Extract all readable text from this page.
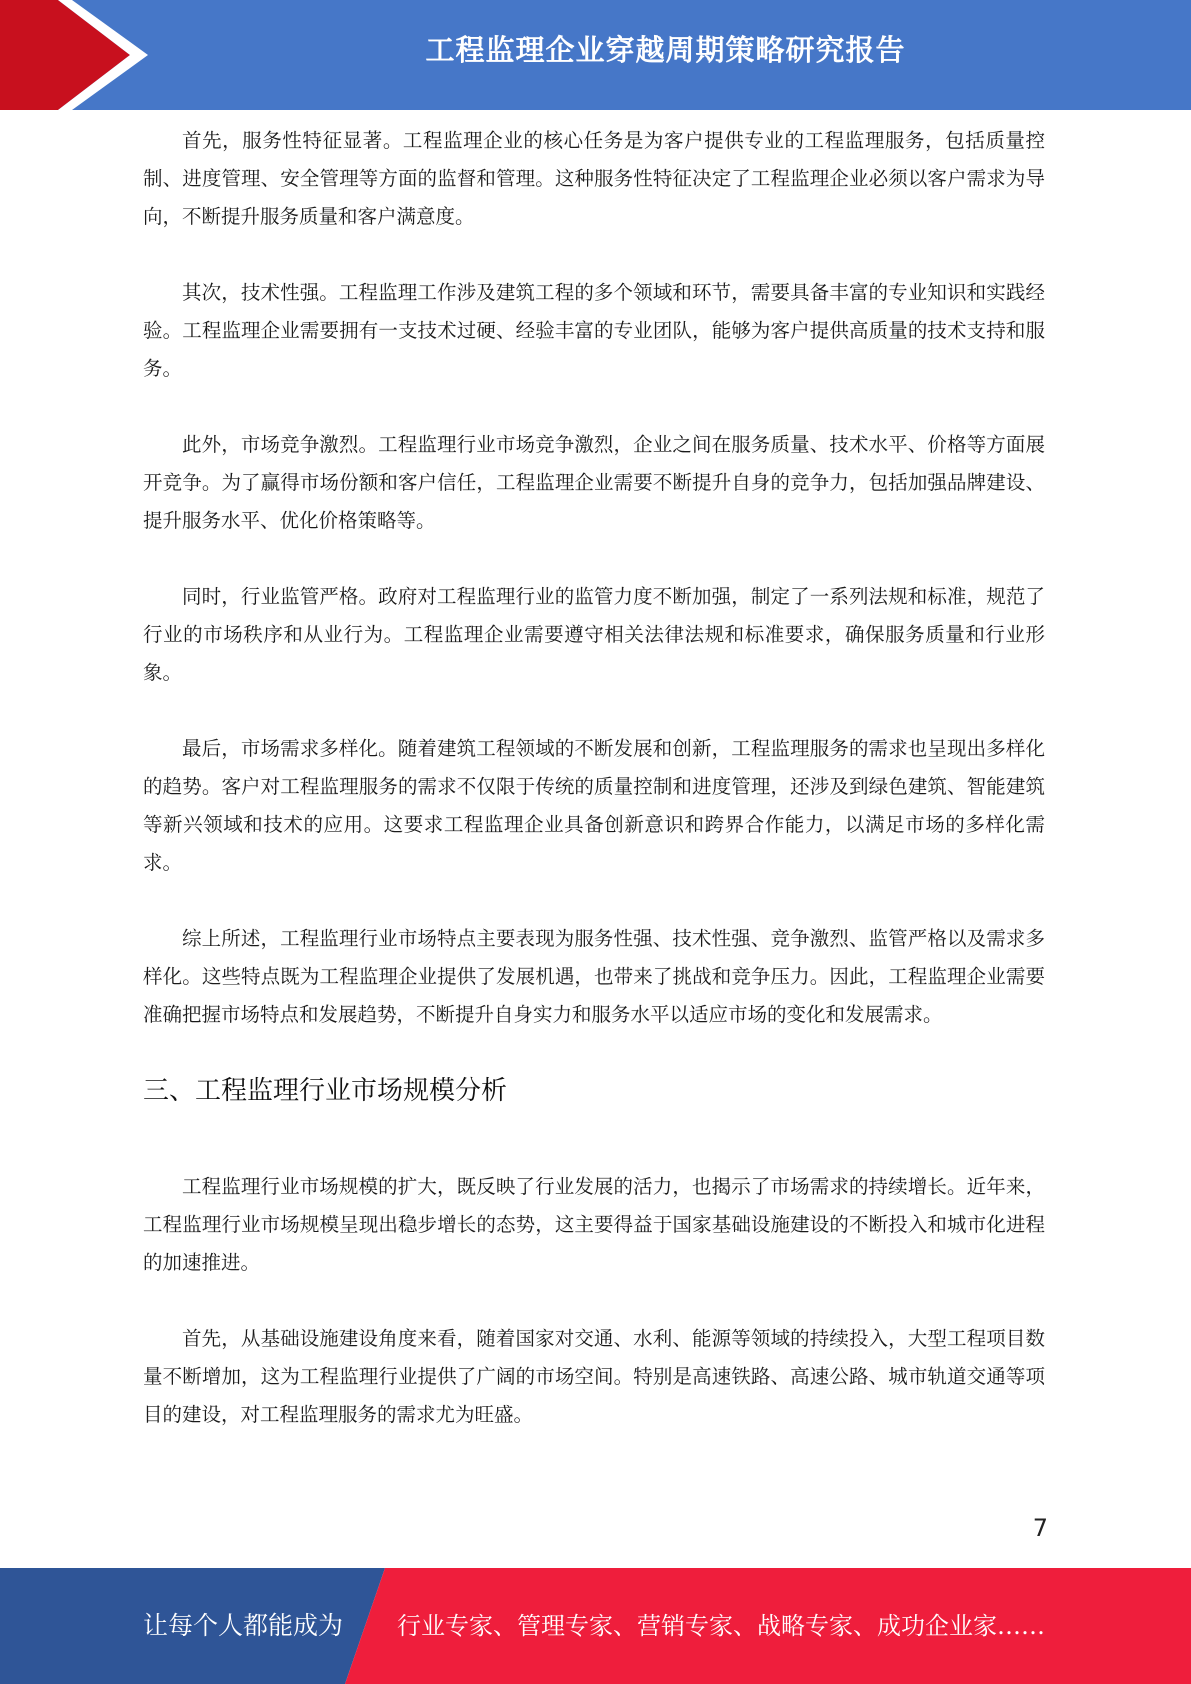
工程监理企业穿越周期策略研究报告

首先，服务性特征显著。工程监理企业的核心任务是为客户提供专业的工程监理服务，包括质量控制、进度管理、安全管理等方面的监督和管理。这种服务性特征决定了工程监理企业必须以客户需求为导向，不断提升服务质量和客户满意度。

其次，技术性强。工程监理工作涉及建筑工程的多个领域和环节，需要具备丰富的专业知识和实践经验。工程监理企业需要拥有一支技术过硬、经验丰富的专业团队，能够为客户提供高质量的技术支持和服务。

此外，市场竞争激烈。工程监理行业市场竞争激烈，企业之间在服务质量、技术水平、价格等方面展开竞争。为了赢得市场份额和客户信任，工程监理企业需要不断提升自身的竞争力，包括加强品牌建设、提升服务水平、优化价格策略等。

同时，行业监管严格。政府对工程监理行业的监管力度不断加强，制定了一系列法规和标准，规范了行业的市场秩序和从业行为。工程监理企业需要遵守相关法律法规和标准要求，确保服务质量和行业形象。

最后，市场需求多样化。随着建筑工程领域的不断发展和创新，工程监理服务的需求也呈现出多样化的趋势。客户对工程监理服务的需求不仅限于传统的质量控制和进度管理，还涉及到绿色建筑、智能建筑等新兴领域和技术的应用。这要求工程监理企业具备创新意识和跨界合作能力，以满足市场的多样化需求。

综上所述，工程监理行业市场特点主要表现为服务性强、技术性强、竞争激烈、监管严格以及需求多样化。这些特点既为工程监理企业提供了发展机遇，也带来了挑战和竞争压力。因此，工程监理企业需要准确把握市场特点和发展趋势，不断提升自身实力和服务水平以适应市场的变化和发展需求。

三、工程监理行业市场规模分析

工程监理行业市场规模的扩大，既反映了行业发展的活力，也揭示了市场需求的持续增长。近年来，工程监理行业市场规模呈现出稳步增长的态势，这主要得益于国家基础设施建设的不断投入和城市化进程的加速推进。

首先，从基础设施建设角度来看，随着国家对交通、水利、能源等领域的持续投入，大型工程项目数量不断增加，这为工程监理行业提供了广阔的市场空间。特别是高速铁路、高速公路、城市轨道交通等项目的建设，对工程监理服务的需求尤为旺盛。

7
让每个人都能成为 行业专家、管理专家、营销专家、战略专家、成功企业家……
